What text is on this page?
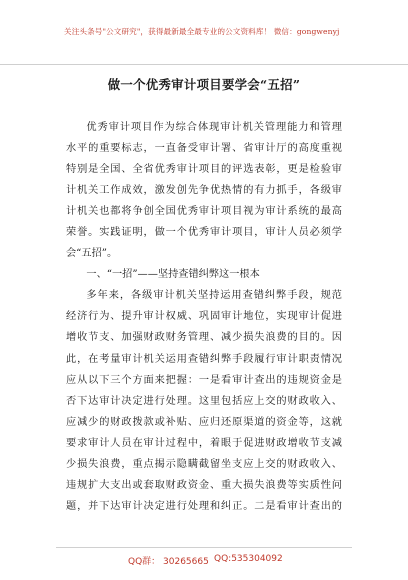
关注头条号"公文研究"，获得最新最全最专业的公文资料库！ 微信：gongwenyj
做一个优秀审计项目要学会“五招”
优秀审计项目作为综合体现审计机关管理能力和管理
水平的重要标志，一直备受审计署、省审计厅的高度重视
特别是全国、全省优秀审计项目的评选表彰，更是检验审
计机关工作成效，激发创先争优热情的有力抓手，各级审
计机关也都将争创全国优秀审计项目视为审计系统的最高
荣誉。实践证明，做一个优秀审计项目，审计人员必须学
会“五招”。
一、“一招”——坚持查错纠弊这一根本
多年来，各级审计机关坚持运用查错纠弊手段，规范
经济行为、提升审计权威、巩固审计地位，实现审计促进
增收节支、加强财政财务管理、减少损失浪费的目的。因
此，在考量审计机关运用查错纠弊手段履行审计职责情况
应从以下三个方面来把握：一是看审计查出的违规资金是
否下达审计决定进行处理。这里包括应上交的财政收入、
应减少的财政拨款或补贴、应归还原渠道的资金等，这就
要求审计人员在审计过程中，着眼于促进财政增收节支减
少损失浪费，重点揭示隐瞒截留坐支应上交的财政收入、
违规扩大支出或套取财政资金、重大损失浪费等实质性问
题，并下达审计决定进行处理和纠正。二是看审计查出的
QQ群： 30265665 QQ:535304092
